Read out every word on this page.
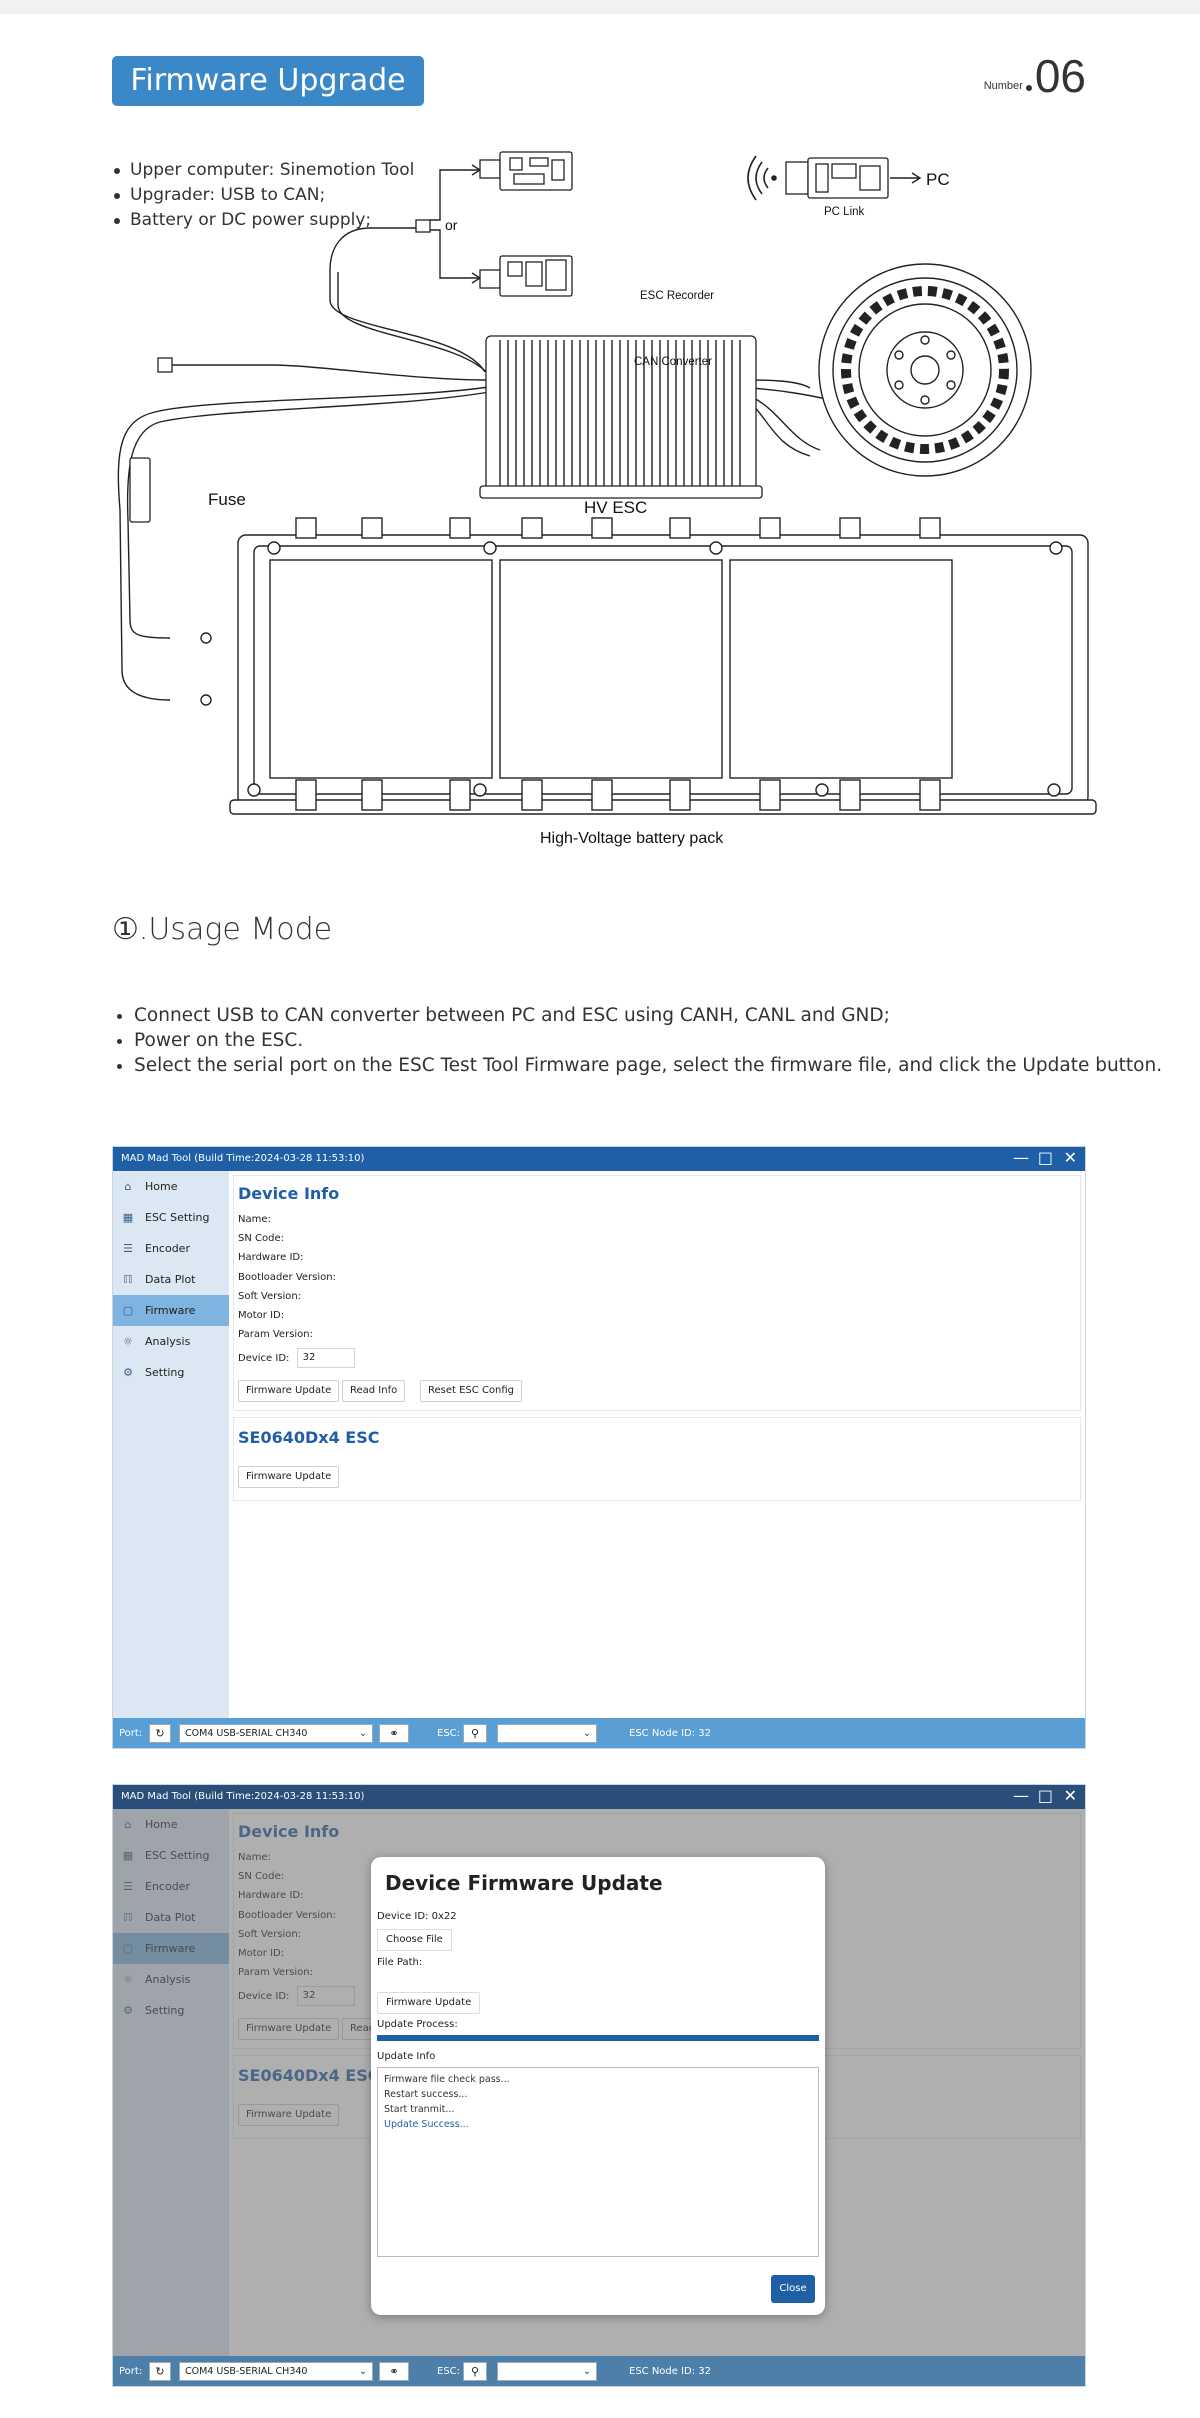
Firmware Upgrade	Number 06
Upper computer: Sinemotion Tool
Upgrader: USB to CAN;
Battery or DC power supply;
CAN Converter
ESC Recorder
or
PC Link
PC
Fuse	HV ESC
High-Voltage battery pack
①.Usage Mode
Connect USB to CAN converter between PC and ESC using CANH, CANL and GND;
Power on the ESC.
Select the serial port on the ESC Test Tool Firmware page, select the firmware file, and click the Update button.
MAD Mad Tool (Build Time:2024-03-28 11:53:10)	— □ ✕
⌂	Home
▦ ESC Setting
☰ Encoder
ℿ Data Plot
▢ Firmware
☼ Analysis
⚙ Setting
Device Info
Name:
SN Code:
Hardware ID:
Bootloader Version:
Soft Version:
Motor ID:
Param Version:
Device ID: 32
Firmware Update	Read Info	Reset ESC Config
SE0640Dx4 ESC
Firmware Update
Port:	↻	COM4 USB-SERIAL CH340	⌄	⚭	ESC: ⚲	⌄	ESC Node ID: 32
MAD Mad Tool (Build Time:2024-03-28 11:53:10)	— □ ✕
Device Firmware Update
Device ID: 0x22
Choose File
File Path:
Firmware Update
Update Process:
Update Info
Firmware file check pass...
Restart success...
Start tranmit...
Update Success...
Close
Port:	↻	COM4 USB-SERIAL CH340	⌄	⚭	ESC: ⚲	⌄	ESC Node ID: 32
